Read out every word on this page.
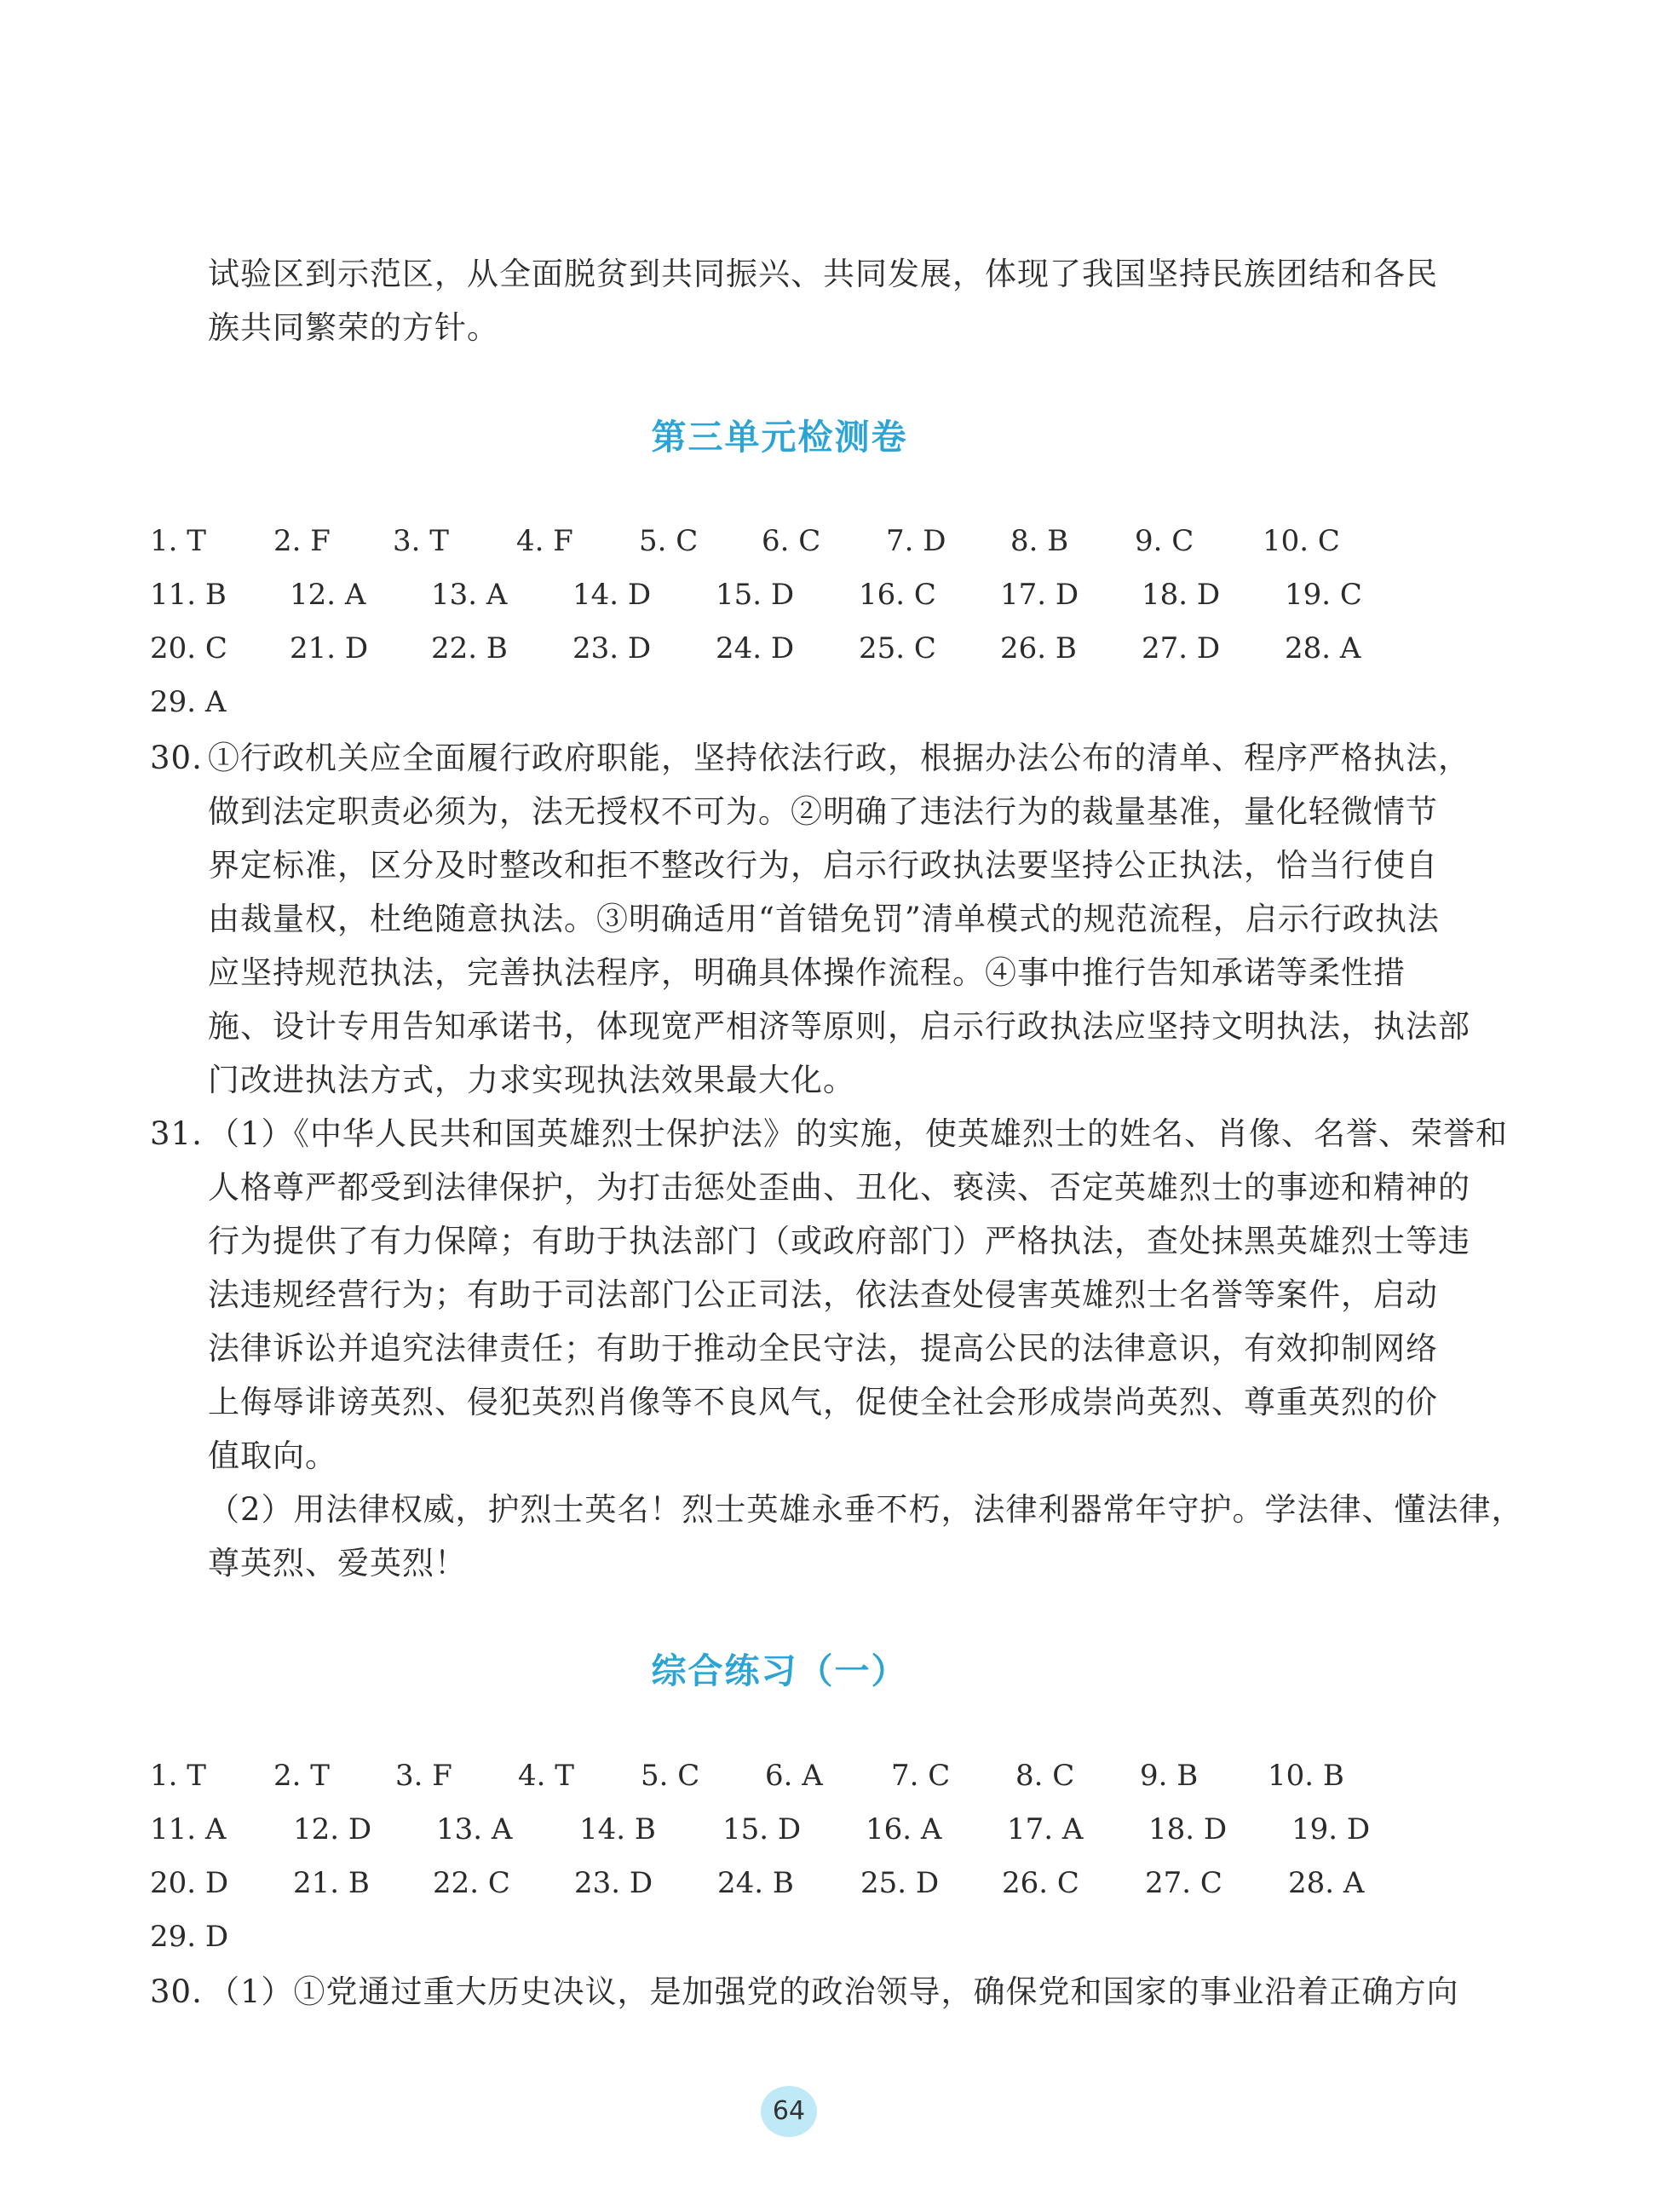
试验区到示范区，从全面脱贫到共同振兴、共同发展，体现了我国坚持民族团结和各民
族共同繁荣的方针。
第三单元检测卷
1. T 2. F 3. T 4. F 5. C 6. C 7. D 8. B 9. C 10. C
11. B 12. A 13. A 14. D 15. D 16. C 17. D 18. D 19. C
20. C 21. D 22. B 23. D 24. D 25. C 26. B 27. D 28. A
29. A
30. ①行政机关应全面履行政府职能，坚持依法行政，根据办法公布的清单、程序严格执法，
做到法定职责必须为，法无授权不可为。②明确了违法行为的裁量基准，量化轻微情节
界定标准，区分及时整改和拒不整改行为，启示行政执法要坚持公正执法，恰当行使自
由裁量权，杜绝随意执法。③明确适用“首错免罚”清单模式的规范流程，启示行政执法
应坚持规范执法，完善执法程序，明确具体操作流程。④事中推行告知承诺等柔性措
施、设计专用告知承诺书，体现宽严相济等原则，启示行政执法应坚持文明执法，执法部
门改进执法方式，力求实现执法效果最大化。
31. （1）《中华人民共和国英雄烈士保护法》的实施，使英雄烈士的姓名、肖像、名誉、荣誉和
人格尊严都受到法律保护，为打击惩处歪曲、丑化、亵渎、否定英雄烈士的事迹和精神的
行为提供了有力保障；有助于执法部门（或政府部门）严格执法，查处抹黑英雄烈士等违
法违规经营行为；有助于司法部门公正司法，依法查处侵害英雄烈士名誉等案件，启动
法律诉讼并追究法律责任；有助于推动全民守法，提高公民的法律意识，有效抑制网络
上侮辱诽谤英烈、侵犯英烈肖像等不良风气，促使全社会形成崇尚英烈、尊重英烈的价
值取向。
（2）用法律权威，护烈士英名！烈士英雄永垂不朽，法律利器常年守护。学法律、懂法律，
尊英烈、爱英烈！
综合练习（一）
1. T 2. T 3. F 4. T 5. C 6. A 7. C 8. C 9. B 10. B
11. A 12. D 13. A 14. B 15. D 16. A 17. A 18. D 19. D
20. D 21. B 22. C 23. D 24. B 25. D 26. C 27. C 28. A
29. D
30. （1）①党通过重大历史决议，是加强党的政治领导，确保党和国家的事业沿着正确方向
64
